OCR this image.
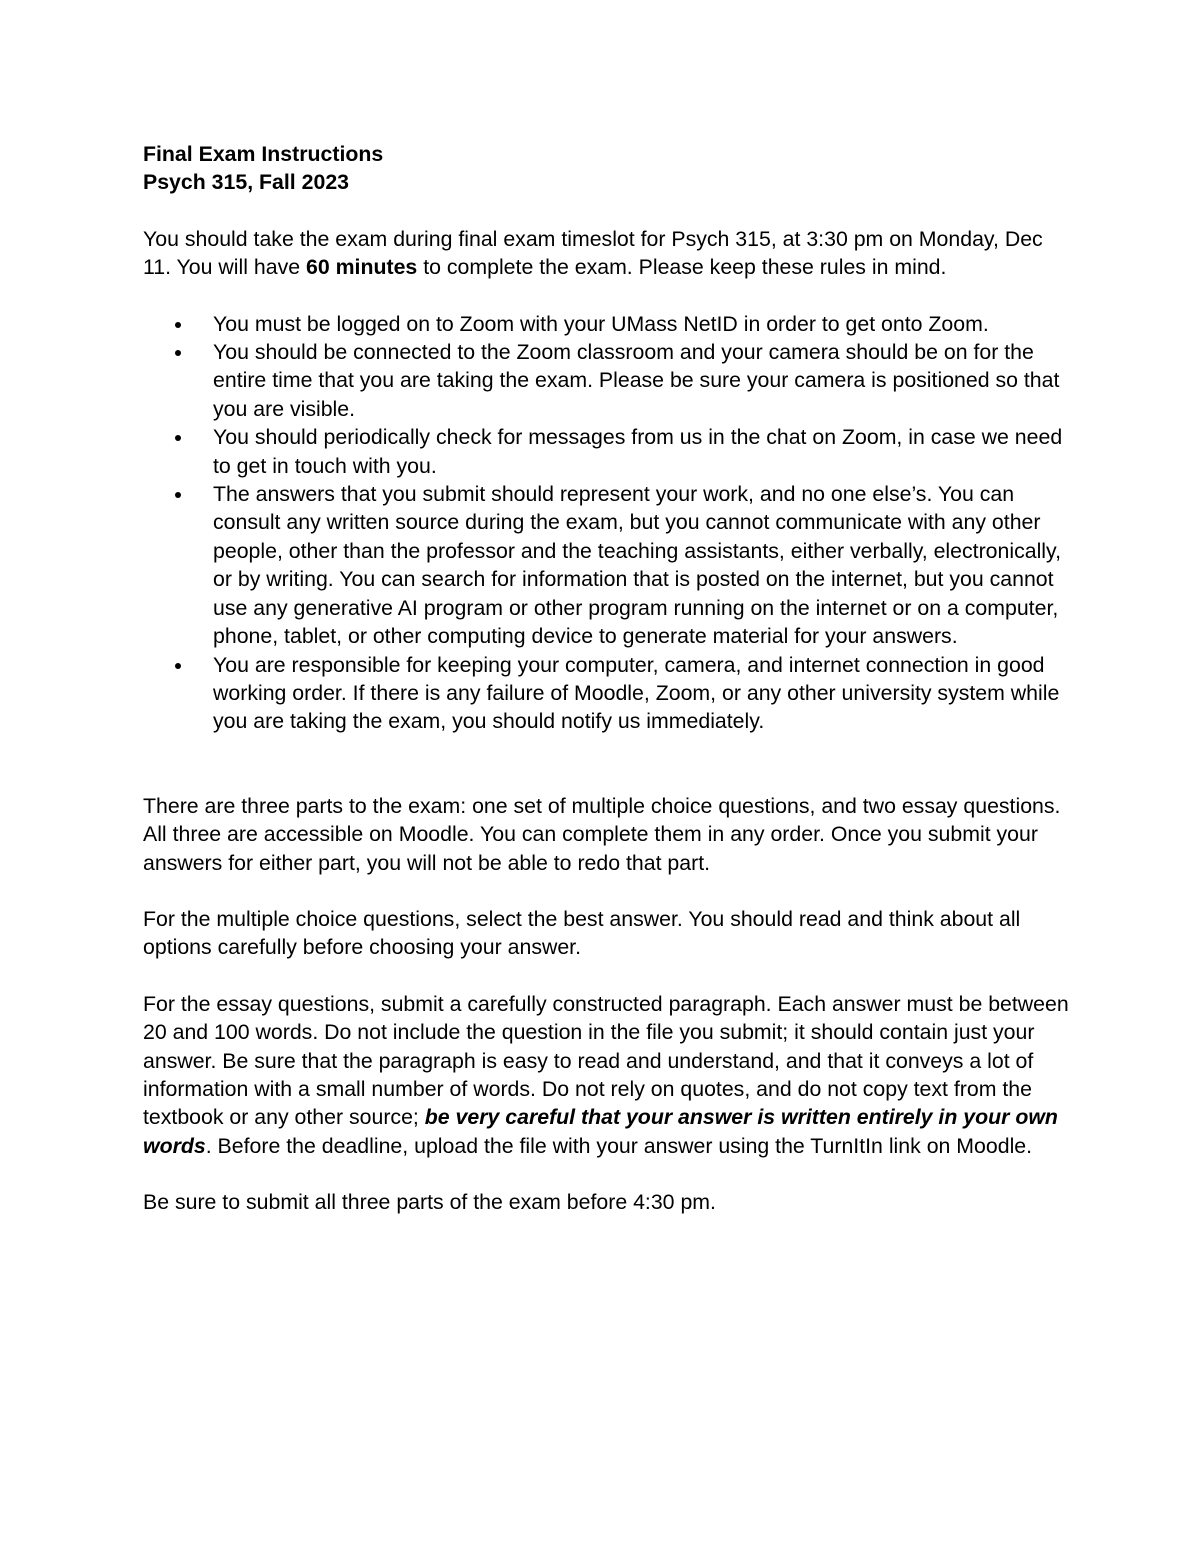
Final Exam Instructions

Psych 315, Fall 2023

You should take the exam during final exam timeslot for Psych 315, at 3:30 pm on Monday, Dec 11. You will have 60 minutes to complete the exam. Please keep these rules in mind.

You must be logged on to Zoom with your UMass NetID in order to get onto Zoom.
You should be connected to the Zoom classroom and your camera should be on for the entire time that you are taking the exam. Please be sure your camera is positioned so that you are visible.
You should periodically check for messages from us in the chat on Zoom, in case we need to get in touch with you.
The answers that you submit should represent your work, and no one else’s. You can consult any written source during the exam, but you cannot communicate with any other people, other than the professor and the teaching assistants, either verbally, electronically, or by writing. You can search for information that is posted on the internet, but you cannot use any generative AI program or other program running on the internet or on a computer, phone, tablet, or other computing device to generate material for your answers.
You are responsible for keeping your computer, camera, and internet connection in good working order. If there is any failure of Moodle, Zoom, or any other university system while you are taking the exam, you should notify us immediately.

There are three parts to the exam: one set of multiple choice questions, and two essay questions. All three are accessible on Moodle. You can complete them in any order. Once you submit your answers for either part, you will not be able to redo that part.

For the multiple choice questions, select the best answer. You should read and think about all options carefully before choosing your answer.

For the essay questions, submit a carefully constructed paragraph. Each answer must be between 20 and 100 words. Do not include the question in the file you submit; it should contain just your answer. Be sure that the paragraph is easy to read and understand, and that it conveys a lot of information with a small number of words. Do not rely on quotes, and do not copy text from the textbook or any other source; be very careful that your answer is written entirely in your own words. Before the deadline, upload the file with your answer using the TurnItIn link on Moodle.

Be sure to submit all three parts of the exam before 4:30 pm.
